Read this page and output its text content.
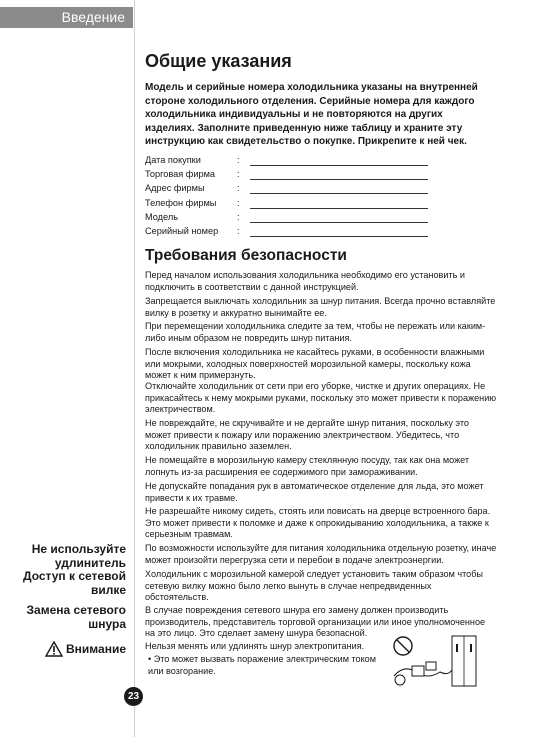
Введение
Не используйте удлинитель
Доступ к сетевой вилке
Замена сетевого шнура
Внимание
23
Общие указания
Модель и серийные номера холодильника указаны на внутренней стороне холодильного отделения. Серийные номера для каждого холодильника индивидуальны и не повторяются на других изделиях. Заполните приведенную ниже таблицу и храните эту инструкцию как свидетельство о покупке. Прикрепите к ней чек.
Дата покупки	:
Торговая фирма :
Адрес фирмы	:
Телефон фирмы :
Модель	:
Серийный номер :
Требования безопасности
Перед началом использования холодильника необходимо его установить и подключить в соответствии с данной инструкцией.
Запрещается выключать холодильник за шнур питания. Всегда прочно вставляйте вилку в розетку и аккуратно вынимайте ее.
При перемещении холодильника следите за тем, чтобы не пережать или каким-либо иным образом не повредить шнур питания.
После включения холодильника не касайтесь руками, в особенности влажными или мокрыми, холодных поверхностей морозильной камеры, поскольку кожа может к ним примерзнуть.
Отключайте холодильник от сети при его уборке, чистке и других операциях. Не прикасайтесь к нему мокрыми руками, поскольку это может привести к поражению электричеством.
Не повреждайте, не скручивайте и не дергайте шнур питания, поскольку это может привести к пожару или поражению электричеством. Убедитесь, что холодильник правильно заземлен.
Не помещайте в морозильную камеру стеклянную посуду, так как она может лопнуть из-за расширения ее содержимого при замораживании.
Не допускайте попадания рук в автоматическое отделение для льда, это может привести к их травме.
Не разрешайте никому сидеть, стоять или повисать на дверце встроенного бара. Это может привести к поломке и даже к опрокидыванию холодильника, а также к серьезным травмам.
По возможности используйте для питания холодильника отдельную розетку, иначе может произойти перегрузка сети и перебои в подаче электроэнергии.
Холодильник с морозильной камерой следует установить таким образом чтобы сетевую вилку можно было легко вынуть в случае непредвиденных обстоятельств.
В случае повреждения сетевого шнура его замену должен производить производитель, представитель торговой организации или иное уполномоченное на это лицо. Это сделает замену шнура безопасной.
Нельзя менять или удлинять шнур электропитания.
• Это может вызвать поражение электрическим током или возгорание.
